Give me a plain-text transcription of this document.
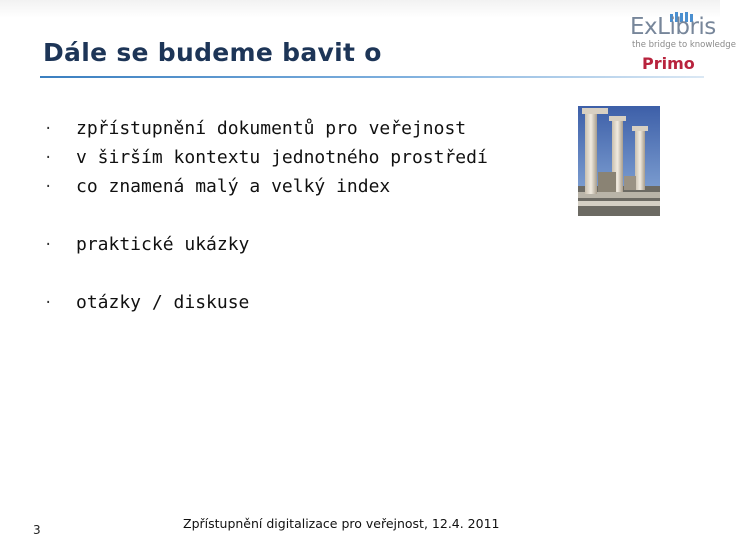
Dále se budeme bavit o
ExLibris
the bridge to knowledge
Primo
· zpřístupnění dokumentů pro veřejnost
· v širším kontextu jednotného prostředí
· co znamená malý a velký index
· praktické ukázky
· otázky / diskuse
3	Zpřístupnění digitalizace pro veřejnost, 12.4. 2011
